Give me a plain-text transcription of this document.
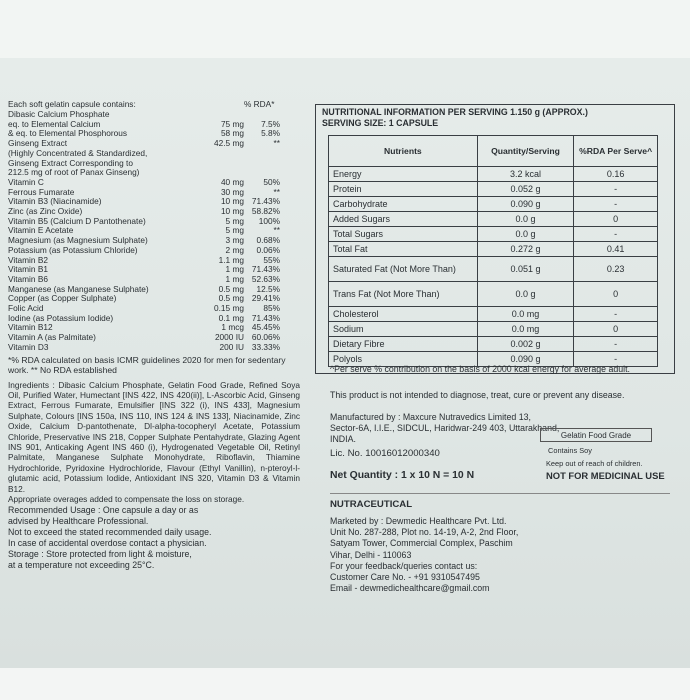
Each soft gelatin capsule contains:	% RDA*
Dibasic Calcium Phosphate
eq. to Elemental Calcium	75 mg	7.5%
& eq. to Elemental Phosphorous	58 mg	5.8%
Ginseng Extract	42.5 mg	**
(Highly Concentrated & Standardized,
Ginseng Extract Corresponding to
212.5 mg of root of Panax Ginseng)
Vitamin C	40 mg	50%
Ferrous Fumarate	30 mg	**
Vitamin B3 (Niacinamide)	10 mg 71.43%
Zinc (as Zinc Oxide)	10 mg 58.82%
Vitamin B5 (Calcium D Pantothenate)	5 mg	100%
Vitamin E Acetate	5 mg	**
Magnesium (as Magnesium Sulphate)	3 mg	0.68%
Potassium (as Potassium Chloride)	2 mg	0.06%
Vitamin B2	1.1 mg	55%
Vitamin B1	1 mg 71.43%
Vitamin B6	1 mg 52.63%
Manganese (as Manganese Sulphate)	0.5 mg	12.5%
Copper (as Copper Sulphate)	0.5 mg 29.41%
Folic Acid	0.15 mg	85%
Iodine (as Potassium Iodide)	0.1 mg 71.43%
Vitamin B12	1 mcg 45.45%
Vitamin A (as Palmitate)	2000 IU 60.06%
Vitamin D3	200 IU 33.33%
*% RDA calculated on basis ICMR guidelines 2020 for men for sedentary work. ** No RDA established
Ingredients : Dibasic Calcium Phosphate, Gelatin Food Grade, Refined Soya Oil, Purified Water, Humectant [INS 422, INS 420(ii)], L-Ascorbic Acid, Ginseng Extract, Ferrous Fumarate, Emulsifier [INS 322 (i), INS 433], Magnesium Sulphate, Colours [INS 150a, INS 110, INS 124 & INS 133], Niacinamide, Zinc Oxide, Calcium D-pantothenate, Dl-alpha-tocopheryl Acetate, Potassium Chloride, Preservative INS 218, Copper Sulphate Pentahydrate, Glazing Agent INS 901, Anticaking Agent INS 460 (i), Hydrogenated Vegetable Oil, Retinyl Palmitate, Manganese Sulphate Monohydrate, Riboflavin, Thiamine Hydrochloride, Pyridoxine Hydrochloride, Flavour (Ethyl Vanillin), n-pteroyl-l-glutamic acid, Potassium Iodide, Antioxidant INS 320, Vitamin D3 & Vitamin B12.
Appropriate overages added to compensate the loss on storage.
Recommended Usage : One capsule a day or as
advised by Healthcare Professional.
Not to exceed the stated recommended daily usage.
In case of accidental overdose contact a physician.
Storage : Store protected from light & moisture,
at a temperature not exceeding 25°C.
NUTRITIONAL INFORMATION PER SERVING 1.150 g (APPROX.)
SERVING SIZE: 1 CAPSULE
Nutrients	Quantity/Serving	%RDA Per Serve^
Energy	3.2 kcal	0.16
Protein	0.052 g	-
Carbohydrate	0.090 g	-
Added Sugars	0.0 g	0
Total Sugars	0.0 g	-
Total Fat	0.272 g	0.41
Saturated Fat (Not More Than)	0.051 g	0.23
Trans Fat (Not More Than)	0.0 g	0
Cholesterol	0.0 mg	-
Sodium	0.0 mg	0
Dietary Fibre	0.002 g	-
Polyols	0.090 g	-
^Per serve % contribution on the basis of 2000 kcal energy for average adult.
This product is not intended to diagnose, treat, cure or prevent any disease.
Manufactured by : Maxcure Nutravedics Limited 13, Sector-6A, I.I.E., SIDCUL, Haridwar-249 403, Uttarakhand, INDIA.
Lic. No. 10016012000340
Gelatin Food Grade
Contains Soy
Keep out of reach of children.
NOT FOR MEDICINAL USE
Net Quantity : 1 x 10 N = 10 N
NUTRACEUTICAL
Marketed by : Dewmedic Healthcare Pvt. Ltd.
Unit No. 287-288, Plot no. 14-19, A-2, 2nd Floor,
Satyam Tower, Commercial Complex, Paschim
Vihar, Delhi - 110063
For your feedback/queries contact us:
Customer Care No. - +91 9310547495
Email - dewmedichealthcare@gmail.com
